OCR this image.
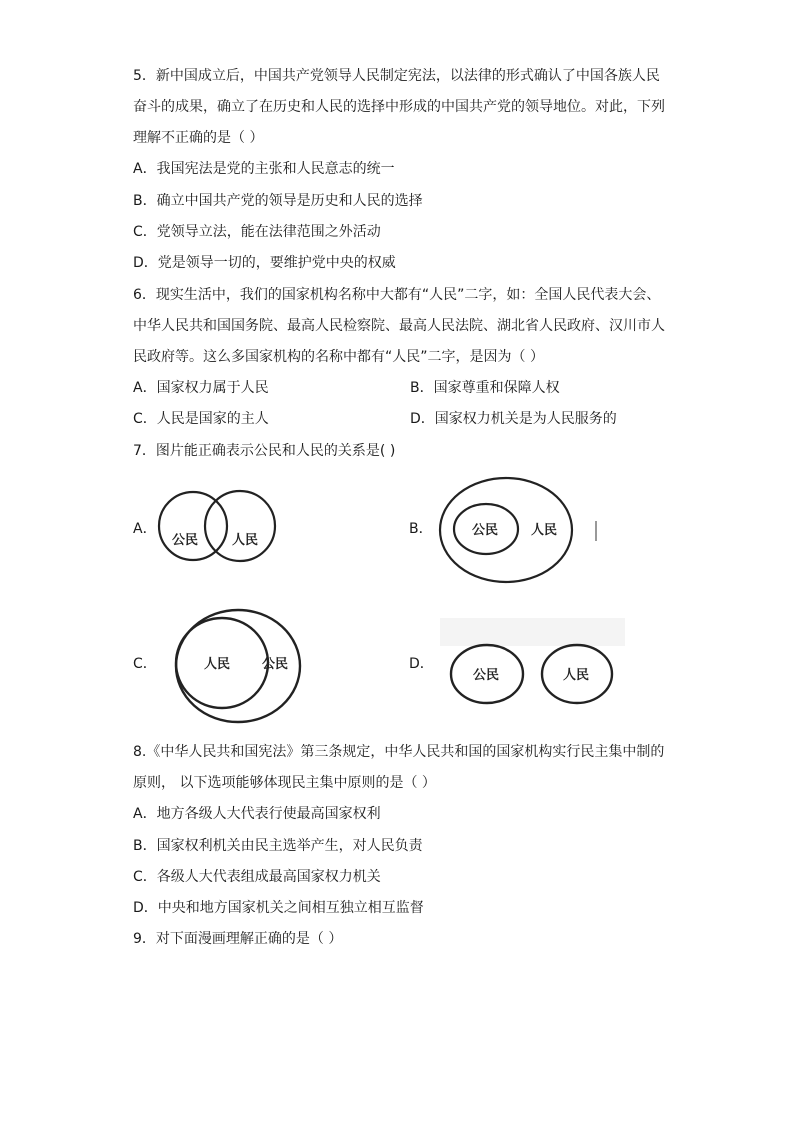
5．新中国成立后，中国共产党领导人民制定宪法，以法律的形式确认了中国各族人民
奋斗的成果，确立了在历史和人民的选择中形成的中国共产党的领导地位。对此，下列
理解不正确的是（ ）
A．我国宪法是党的主张和人民意志的统一
B．确立中国共产党的领导是历史和人民的选择
C．党领导立法，能在法律范围之外活动
D．党是领导一切的，要维护党中央的权威
6．现实生活中，我们的国家机构名称中大都有“人民”二字，如：全国人民代表大会、
中华人民共和国国务院、最高人民检察院、最高人民法院、湖北省人民政府、汉川市人
民政府等。这么多国家机构的名称中都有“人民”二字，是因为（ ）
A．国家权力属于人民	B．国家尊重和保障人权
C．人民是国家的主人	D．国家权力机关是为人民服务的
7．图片能正确表示公民和人民的关系是( )
A．
公民	人民
B．	公民	人民
C．	人民 公民	D．
公民	人民
8.《中华人民共和国宪法》第三条规定，中华人民共和国的国家机构实行民主集中制的
原则， 以下选项能够体现民主集中原则的是（ ）
A．地方各级人大代表行使最高国家权利
B．国家权利机关由民主选举产生，对人民负责
C．各级人大代表组成最高国家权力机关
D．中央和地方国家机关之间相互独立相互监督
9．对下面漫画理解正确的是（ ）
